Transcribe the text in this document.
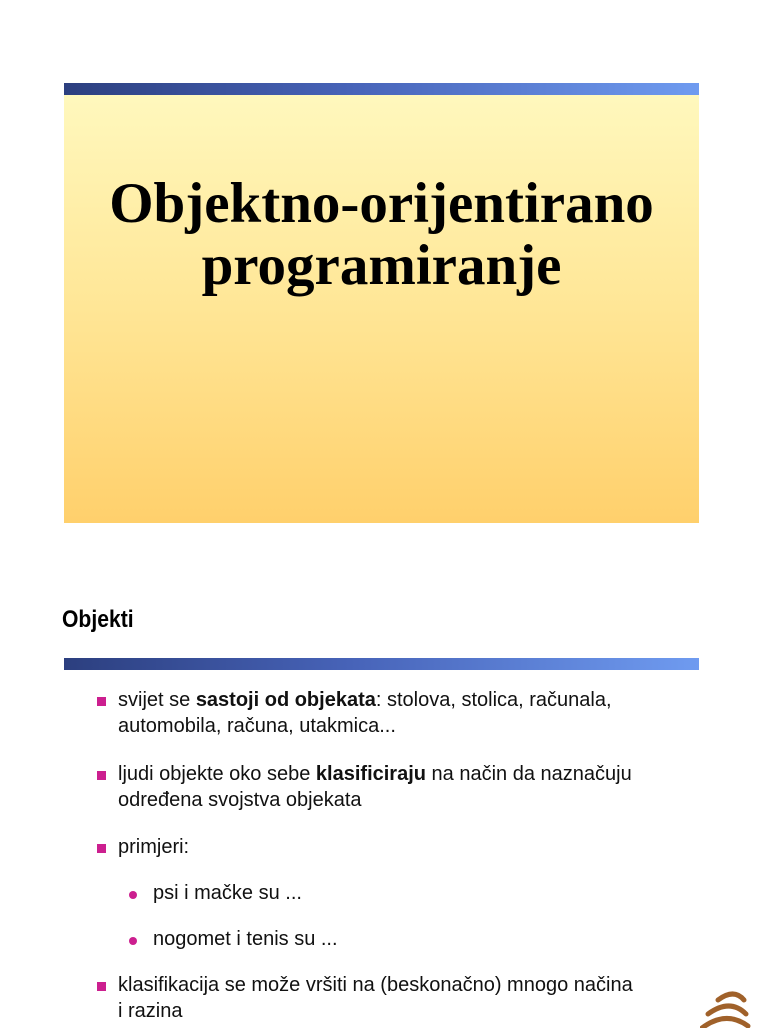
Objektno-orijentirano
programiranje
Objekti
svijet se sastoji od objekata: stolova, stolica, računala,
automobila, računa, utakmica...
ljudi objekte oko sebe klasificiraju na način da naznačuju
određena svojstva objekata
primjeri:
psi i mačke su ...
nogomet i tenis su ...
klasifikacija se može vršiti na (beskonačno) mnogo načina
i razina
